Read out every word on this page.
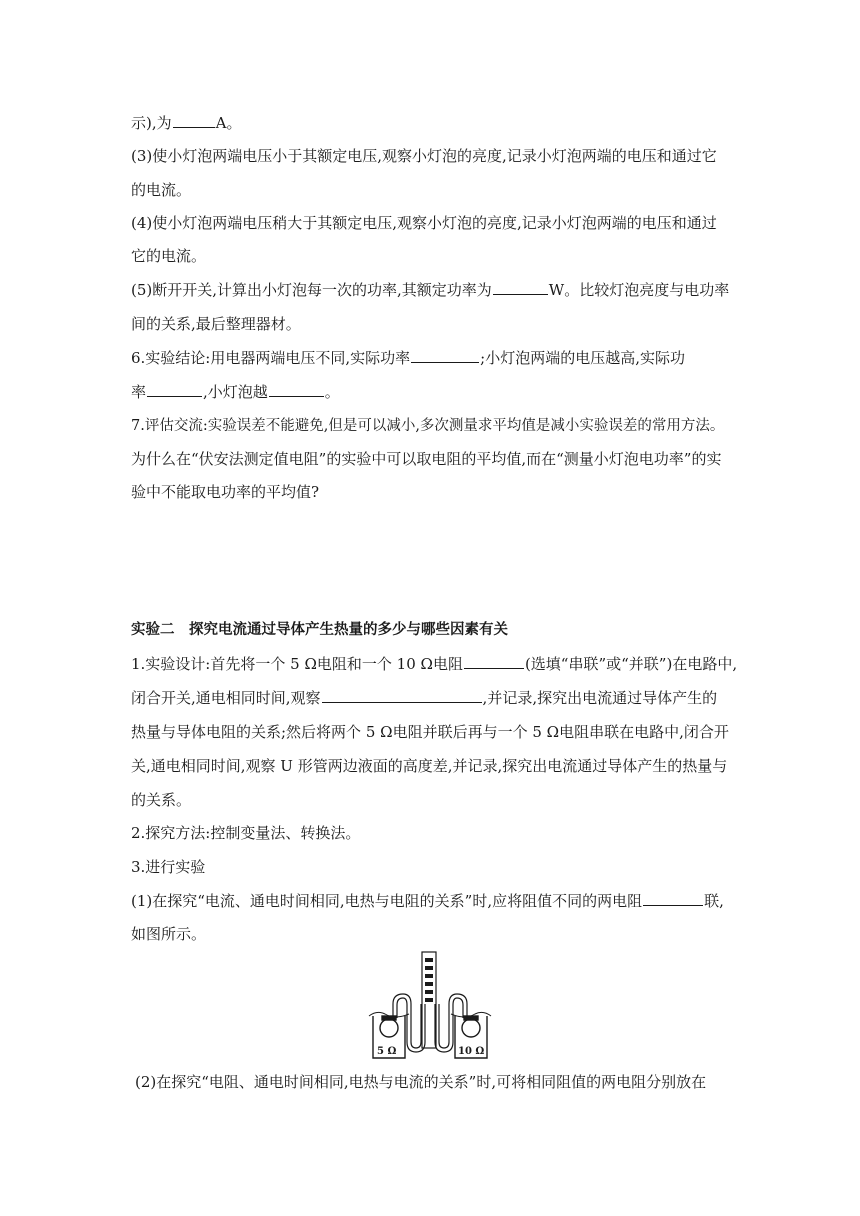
示),为	A。
(3)使小灯泡两端电压小于其额定电压,观察小灯泡的亮度,记录小灯泡两端的电压和通过它
的电流。
(4)使小灯泡两端电压稍大于其额定电压,观察小灯泡的亮度,记录小灯泡两端的电压和通过
它的电流。
(5)断开开关,计算出小灯泡每一次的功率,其额定功率为	W。比较灯泡亮度与电功率
间的关系,最后整理器材。
6.实验结论:用电器两端电压不同,实际功率	;小灯泡两端的电压越高,实际功
率	,小灯泡越	。
7.评估交流:实验误差不能避免,但是可以减小,多次测量求平均值是减小实验误差的常用方法。
为什么在“伏安法测定值电阻”的实验中可以取电阻的平均值,而在“测量小灯泡电功率”的实
验中不能取电功率的平均值?
实验二　探究电流通过导体产生热量的多少与哪些因素有关
1.实验设计:首先将一个 5 Ω电阻和一个 10 Ω电阻	(选填“串联”或“并联”)在电路中,
闭合开关,通电相同时间,观察	,并记录,探究出电流通过导体产生的
热量与导体电阻的关系;然后将两个 5 Ω电阻并联后再与一个 5 Ω电阻串联在电路中,闭合开
关,通电相同时间,观察 U 形管两边液面的高度差,并记录,探究出电流通过导体产生的热量与
的关系。
2.探究方法:控制变量法、转换法。
3.进行实验
(1)在探究“电流、通电时间相同,电热与电阻的关系”时,应将阻值不同的两电阻	联,
如图所示。
5 Ω	10 Ω
(2)在探究“电阻、通电时间相同,电热与电流的关系”时,可将相同阻值的两电阻分别放在
